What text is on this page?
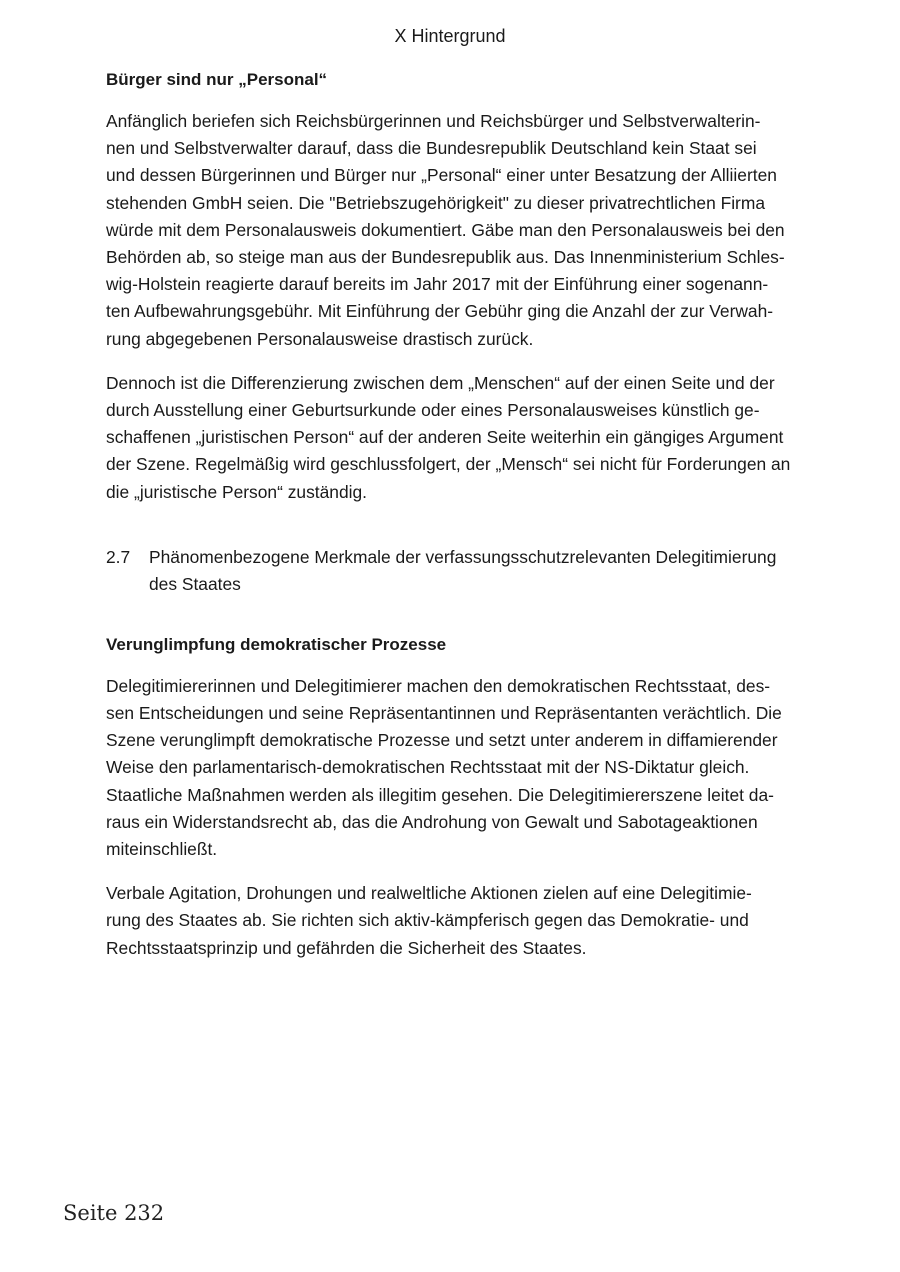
X Hintergrund
Bürger sind nur „Personal“
Anfänglich beriefen sich Reichsbürgerinnen und Reichsbürger und Selbstverwalterin-
nen und Selbstverwalter darauf, dass die Bundesrepublik Deutschland kein Staat sei
und dessen Bürgerinnen und Bürger nur „Personal“ einer unter Besatzung der Alliierten
stehenden GmbH seien. Die "Betriebszugehörigkeit" zu dieser privatrechtlichen Firma
würde mit dem Personalausweis dokumentiert. Gäbe man den Personalausweis bei den
Behörden ab, so steige man aus der Bundesrepublik aus. Das Innenministerium Schles-
wig-Holstein reagierte darauf bereits im Jahr 2017 mit der Einführung einer sogenann-
ten Aufbewahrungsgebühr. Mit Einführung der Gebühr ging die Anzahl der zur Verwah-
rung abgegebenen Personalausweise drastisch zurück.
Dennoch ist die Differenzierung zwischen dem „Menschen“ auf der einen Seite und der
durch Ausstellung einer Geburtsurkunde oder eines Personalausweises künstlich ge-
schaffenen „juristischen Person“ auf der anderen Seite weiterhin ein gängiges Argument
der Szene. Regelmäßig wird geschlussfolgert, der „Mensch“ sei nicht für Forderungen an
die „juristische Person“ zuständig.
2.7	Phänomenbezogene Merkmale der verfassungsschutzrelevanten Delegitimierung
des Staates
Verunglimpfung demokratischer Prozesse
Delegitimiererinnen und Delegitimierer machen den demokratischen Rechtsstaat, des-
sen Entscheidungen und seine Repräsentantinnen und Repräsentanten verächtlich. Die
Szene verunglimpft demokratische Prozesse und setzt unter anderem in diffamierender
Weise den parlamentarisch-demokratischen Rechtsstaat mit der NS-Diktatur gleich.
Staatliche Maßnahmen werden als illegitim gesehen. Die Delegitimiererszene leitet da-
raus ein Widerstandsrecht ab, das die Androhung von Gewalt und Sabotageaktionen
miteinschließt.
Verbale Agitation, Drohungen und realweltliche Aktionen zielen auf eine Delegitimie-
rung des Staates ab. Sie richten sich aktiv-kämpferisch gegen das Demokratie- und
Rechtsstaatsprinzip und gefährden die Sicherheit des Staates.
Seite 232
